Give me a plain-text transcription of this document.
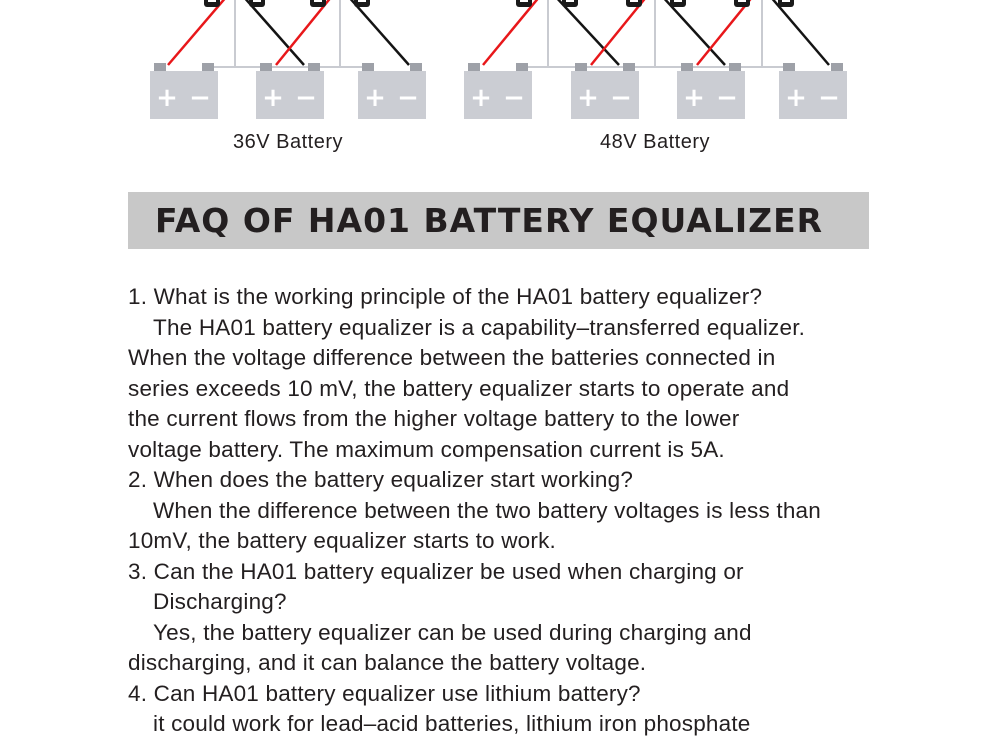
+ − + − + − + − + − + − + −
36V Battery	48V Battery
FAQ OF HA01 BATTERY EQUALIZER

1. What is the working principle of the HA01 battery equalizer?

The HA01 battery equalizer is a capability–transferred equalizer.

When the voltage difference between the batteries connected in

series exceeds 10 mV, the battery equalizer starts to operate and

the current flows from the higher voltage battery to the lower

voltage battery. The maximum compensation current is 5A.

2. When does the battery equalizer start working?

When the difference between the two battery voltages is less than

10mV, the battery equalizer starts to work.

3. Can the HA01 battery equalizer be used when charging or

Discharging?

Yes, the battery equalizer can be used during charging and

discharging, and it can balance the battery voltage.

4. Can HA01 battery equalizer use lithium battery?

it could work for lead–acid batteries, lithium iron phosphate
